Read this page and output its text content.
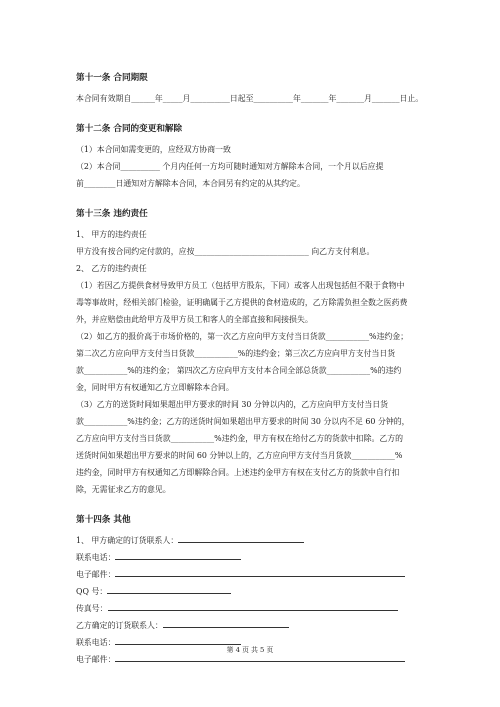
第十一条 合同期限
本合同有效期自______年_____月__________日起至__________年_______年_______月_______日止。
第十二条 合同的变更和解除
（1）本合同如需变更的，应经双方协商一致
（2）本合同__________ 个月内任何一方均可随时通知对方解除本合同，一个月以后应提
前________日通知对方解除本合同，本合同另有约定的从其约定。
第十三条 违约责任
1、 甲方的违约责任
甲方没有按合同约定付款的，应按_____________________________ 向乙方支付利息。
2、 乙方的违约责任
（1）若因乙方提供食材导致甲方员工（包括甲方股东，下同）或客人出现包括但不限于食物中
毒等事故时，经相关部门检验，证明确属于乙方提供的食材造成的，乙方除需负担全数之医药费
外，并应赔偿由此给甲方及甲方员工和客人的全部直接和间接损失。
（2）如乙方的报价高于市场价格的，第一次乙方应向甲方支付当日货款___________%违约金；
第二次乙方应向甲方支付当日货款___________%的违约金；第三次乙方应向甲方支付当日货
款___________%的违约金； 第四次乙方应向甲方支付本合同全部总货款___________%的违约
金，同时甲方有权通知乙方立即解除本合同。
（3）乙方的送货时间如果超出甲方要求的时间 30 分钟以内的，乙方应向甲方支付当日货
款___________%违约金；乙方的送货时间如果超出甲方要求的时间 30 分以内不足 60 分钟的，
乙方应向甲方支付当日货款___________%违约金，甲方有权在给付乙方的货款中扣除。乙方的
送货时间如果超出甲方要求的时间 60 分钟以上的，乙方应向甲方支付当月货款___________%
违约金，同时甲方有权通知乙方即解除合同。上述违约金甲方有权在支付乙方的货款中自行扣
除，无需征求乙方的意见。
第十四条 其他
1、 甲方确定的订货联系人：
联系电话：
电子邮件：
QQ 号：
传真号：
乙方确定的订货联系人：
联系电话：
电子邮件：
第 4 页 共 5 页
